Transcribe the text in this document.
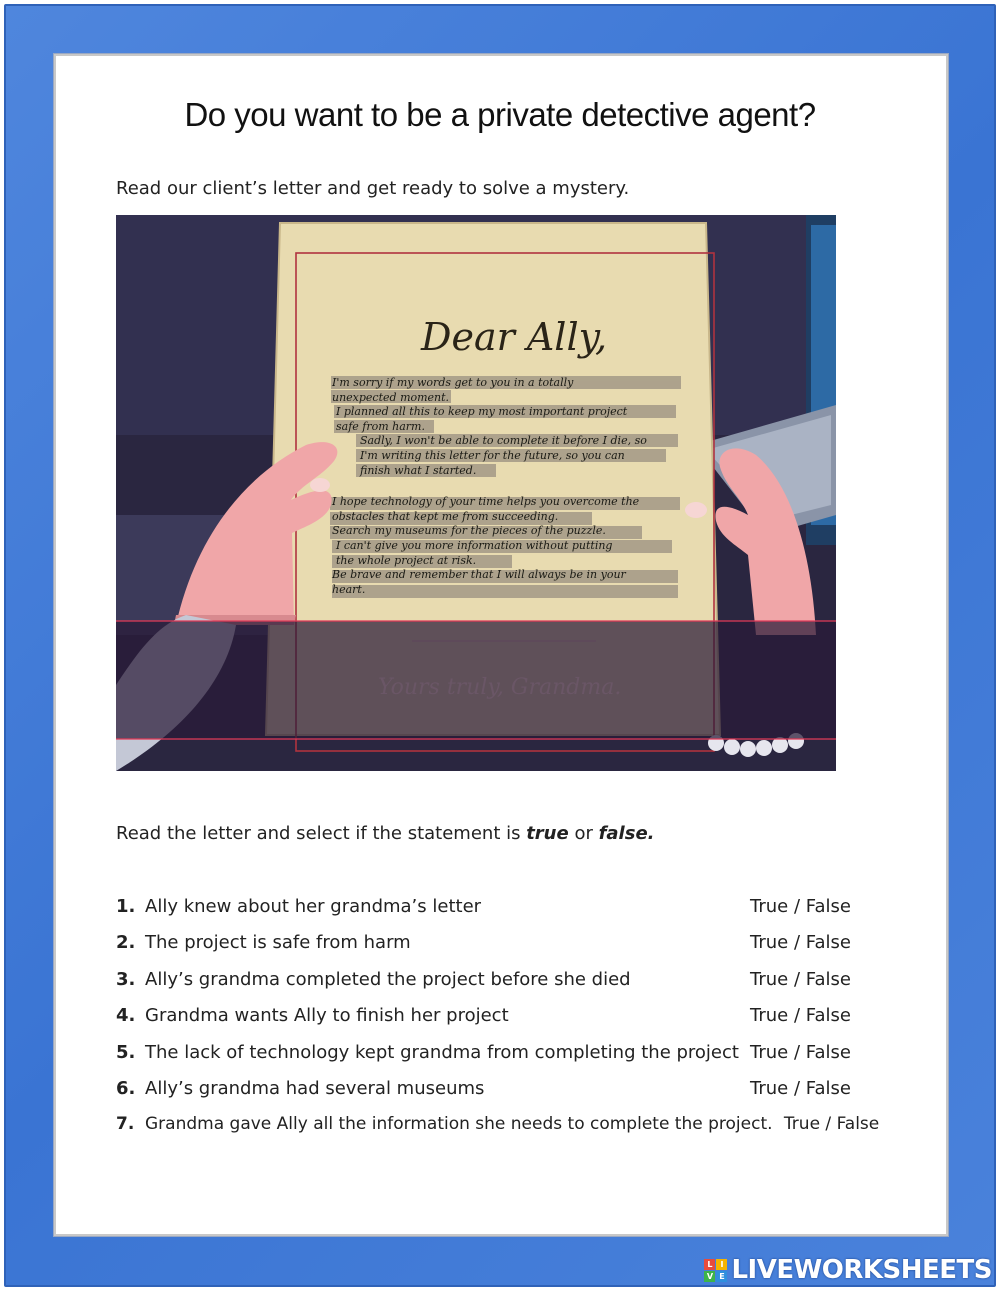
Do you want to be a private detective agent?

Read our client’s letter and get ready to solve a mystery.

Dear Ally,
I'm sorry if my words get to you in a totally
unexpected moment.
I planned all this to keep my most important project
safe from harm.
Sadly, I won't be able to complete it before I die, so
I'm writing this letter for the future, so you can
finish what I started.
I hope technology of your time helps you overcome the
obstacles that kept me from succeeding.
Search my museums for the pieces of the puzzle.
I can't give you more information without putting
the whole project at risk.
Be brave and remember that I will always be in your
heart.
Yours truly, Grandma.

Read the letter and select if the statement is true or false.

1. Ally knew about her grandma’s letter	True / False
2. The project is safe from harm	True / False
3. Ally’s grandma completed the project before she died	True / False
4. Grandma wants Ally to finish her project	True / False
5. The lack of technology kept grandma from completing the project True / False
6. Ally’s grandma had several museums	True / False
7. Grandma gave Ally all the information she needs to complete the project. True / False
L I
V E LIVEWORKSHEETS
